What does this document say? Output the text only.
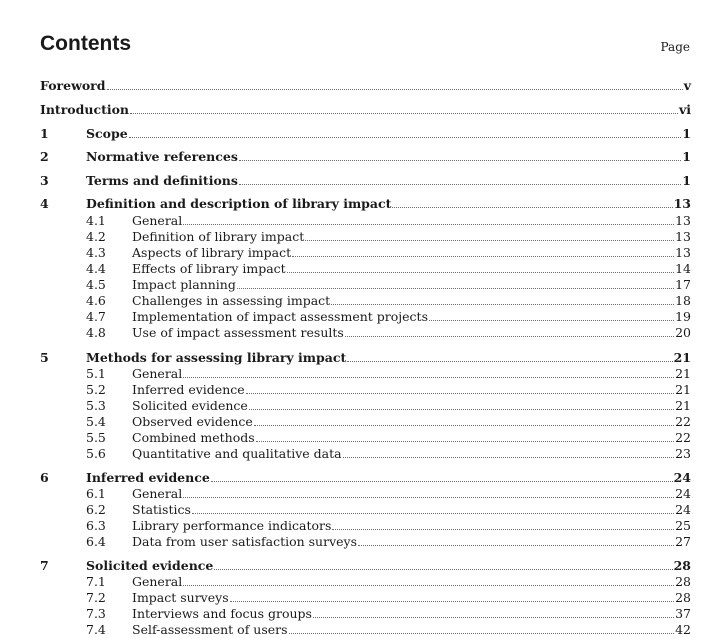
Contents	Page
Foreword	v
Introduction	vi
1	Scope	1
2	Normative references	1
3	Terms and definitions	1
4	Definition and description of library impact	13
4.1	General	13
4.2	Definition of library impact	13
4.3	Aspects of library impact	13
4.4	Effects of library impact	14
4.5	Impact planning	17
4.6	Challenges in assessing impact	18
4.7	Implementation of impact assessment projects	19
4.8	Use of impact assessment results	20
5	Methods for assessing library impact	21
5.1	General	21
5.2	Inferred evidence	21
5.3	Solicited evidence	21
5.4	Observed evidence	22
5.5	Combined methods	22
5.6	Quantitative and qualitative data	23
6	Inferred evidence	24
6.1	General	24
6.2	Statistics	24
6.3	Library performance indicators	25
6.4	Data from user satisfaction surveys	27
7	Solicited evidence	28
7.1	General	28
7.2	Impact surveys	28
7.3	Interviews and focus groups	37
7.4	Self-assessment of users	42
